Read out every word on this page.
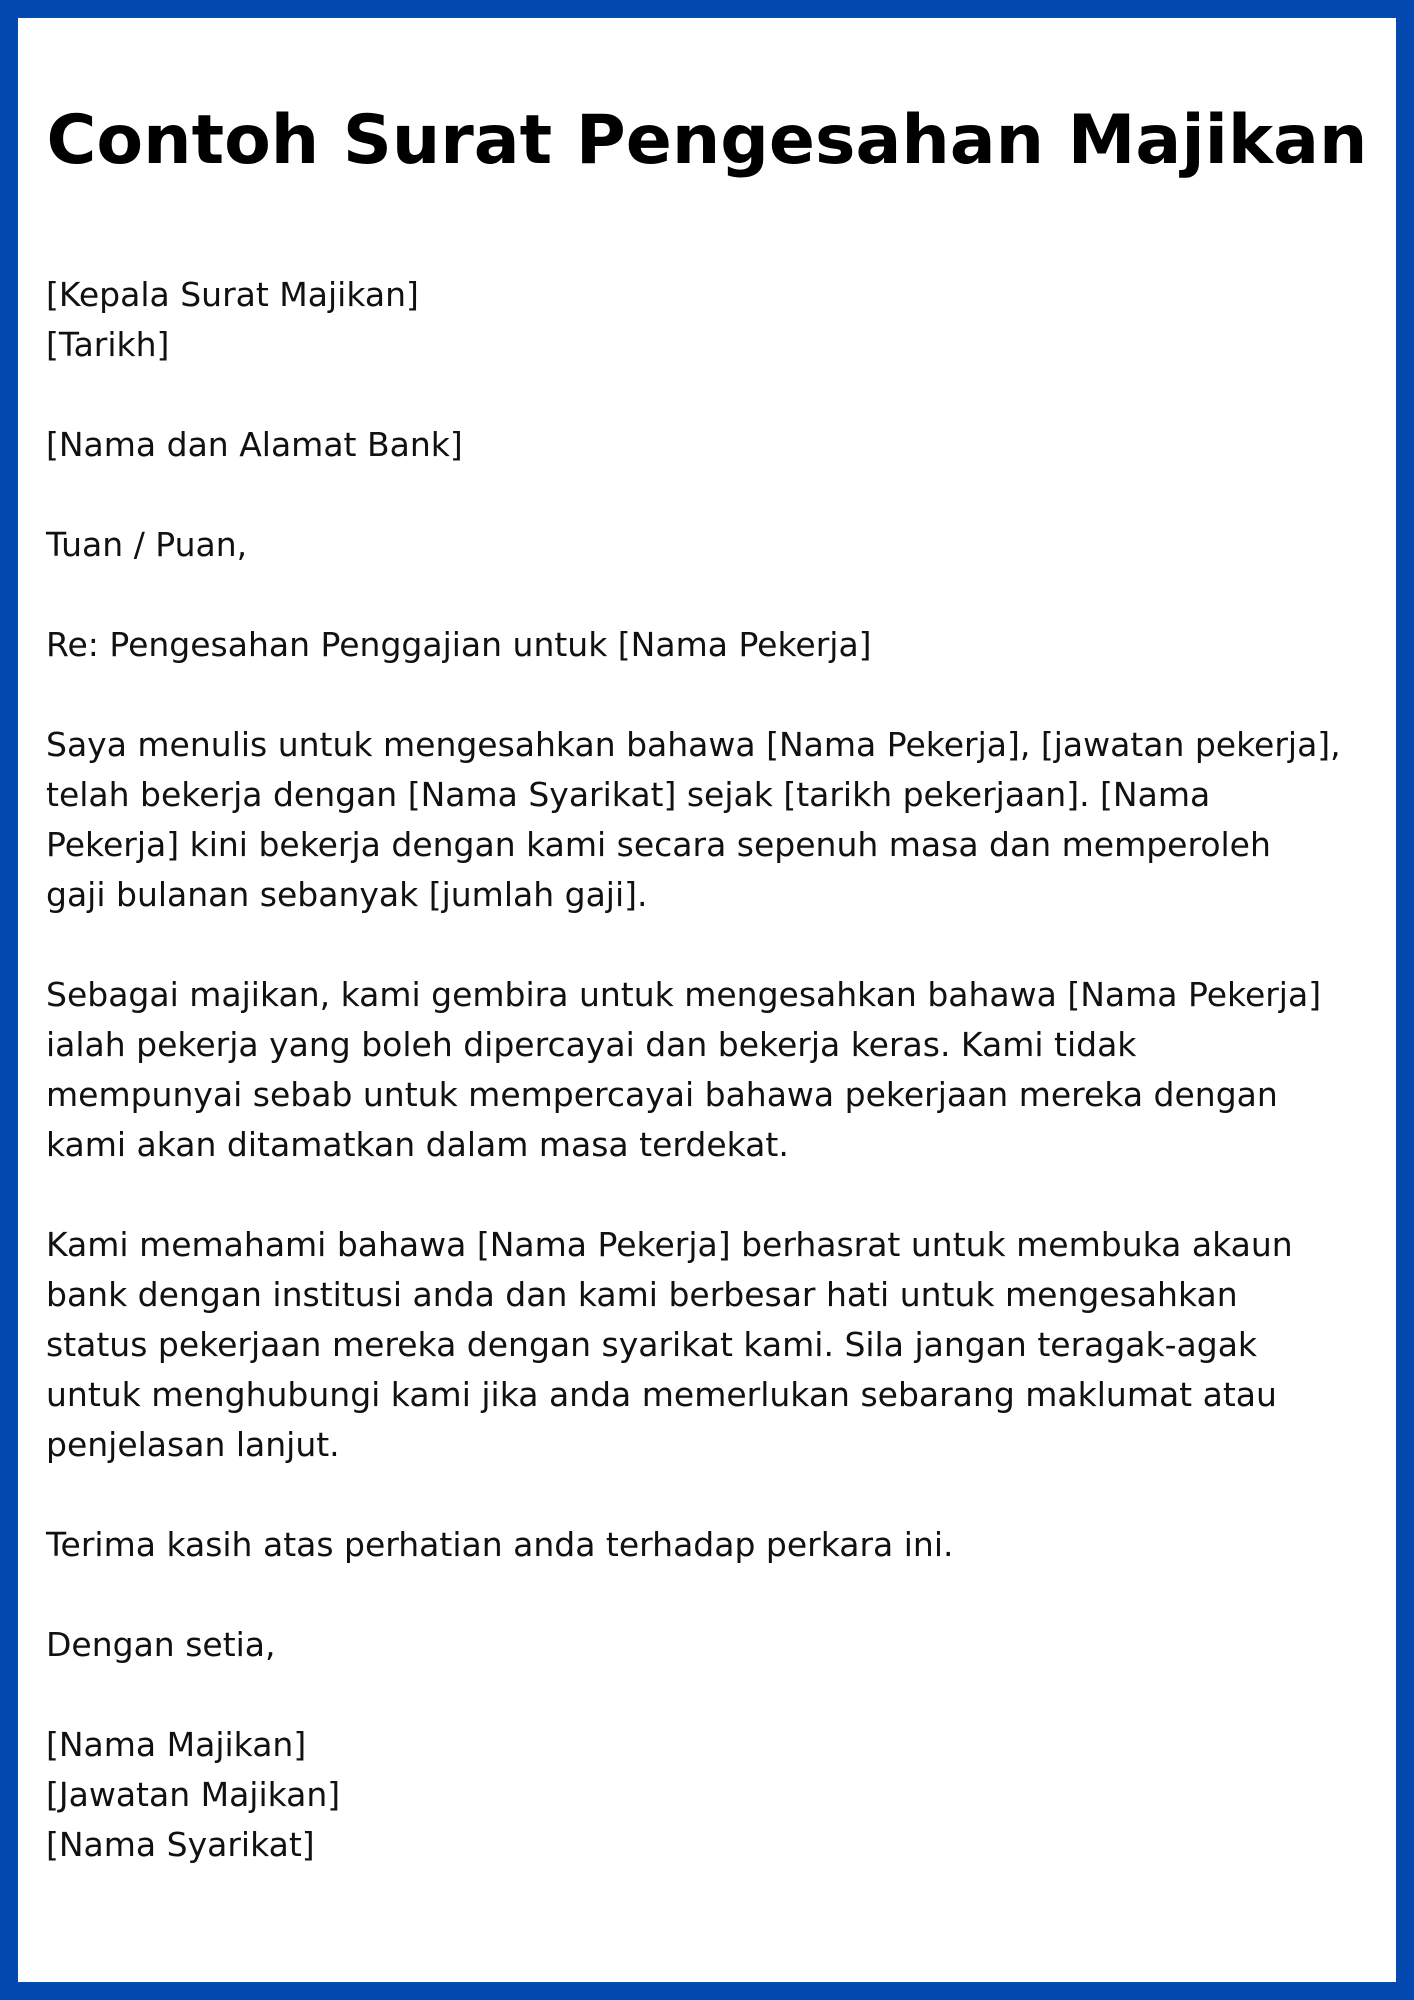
Contoh Surat Pengesahan Majikan
[Kepala Surat Majikan]
[Tarikh]
[Nama dan Alamat Bank]
Tuan / Puan,
Re: Pengesahan Penggajian untuk [Nama Pekerja]

Saya menulis untuk mengesahkan bahawa [Nama Pekerja], [jawatan pekerja],
telah bekerja dengan [Nama Syarikat] sejak [tarikh pekerjaan]. [Nama
Pekerja] kini bekerja dengan kami secara sepenuh masa dan memperoleh
gaji bulanan sebanyak [jumlah gaji].

Sebagai majikan, kami gembira untuk mengesahkan bahawa [Nama Pekerja]
ialah pekerja yang boleh dipercayai dan bekerja keras. Kami tidak
mempunyai sebab untuk mempercayai bahawa pekerjaan mereka dengan
kami akan ditamatkan dalam masa terdekat.

Kami memahami bahawa [Nama Pekerja] berhasrat untuk membuka akaun
bank dengan institusi anda dan kami berbesar hati untuk mengesahkan
status pekerjaan mereka dengan syarikat kami. Sila jangan teragak-agak
untuk menghubungi kami jika anda memerlukan sebarang maklumat atau
penjelasan lanjut.

Terima kasih atas perhatian anda terhadap perkara ini.

Dengan setia,
[Nama Majikan]
[Jawatan Majikan]
[Nama Syarikat]
